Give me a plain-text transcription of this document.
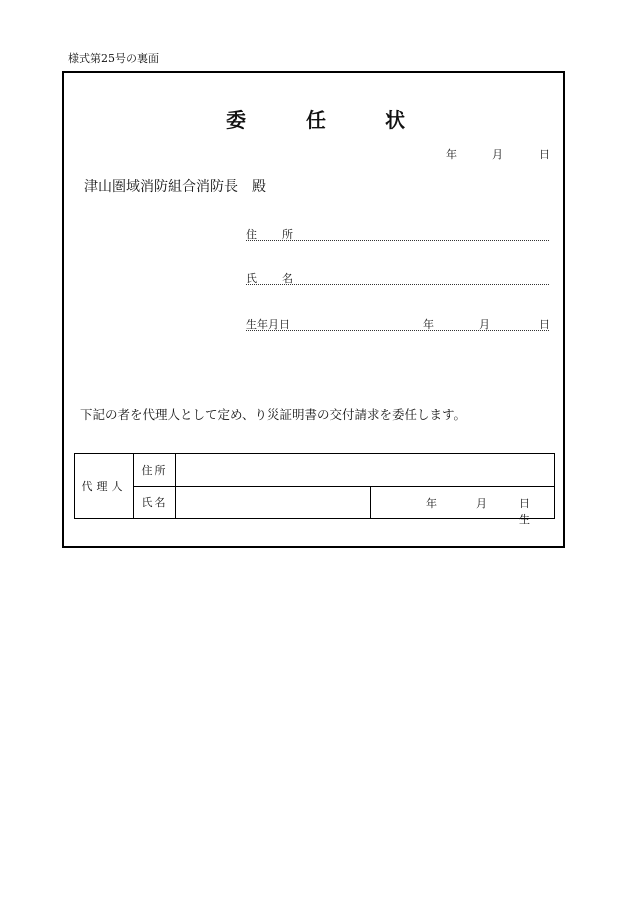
様式第25号の裏面
委	任	状
年	月	日
津山圏域消防組合消防長 殿
住 所
氏 名
生年月日	年	月	日
下記の者を代理人として定め、り災証明書の交付請求を委任します。
代理人	住所		
	氏名		年 月 日生
